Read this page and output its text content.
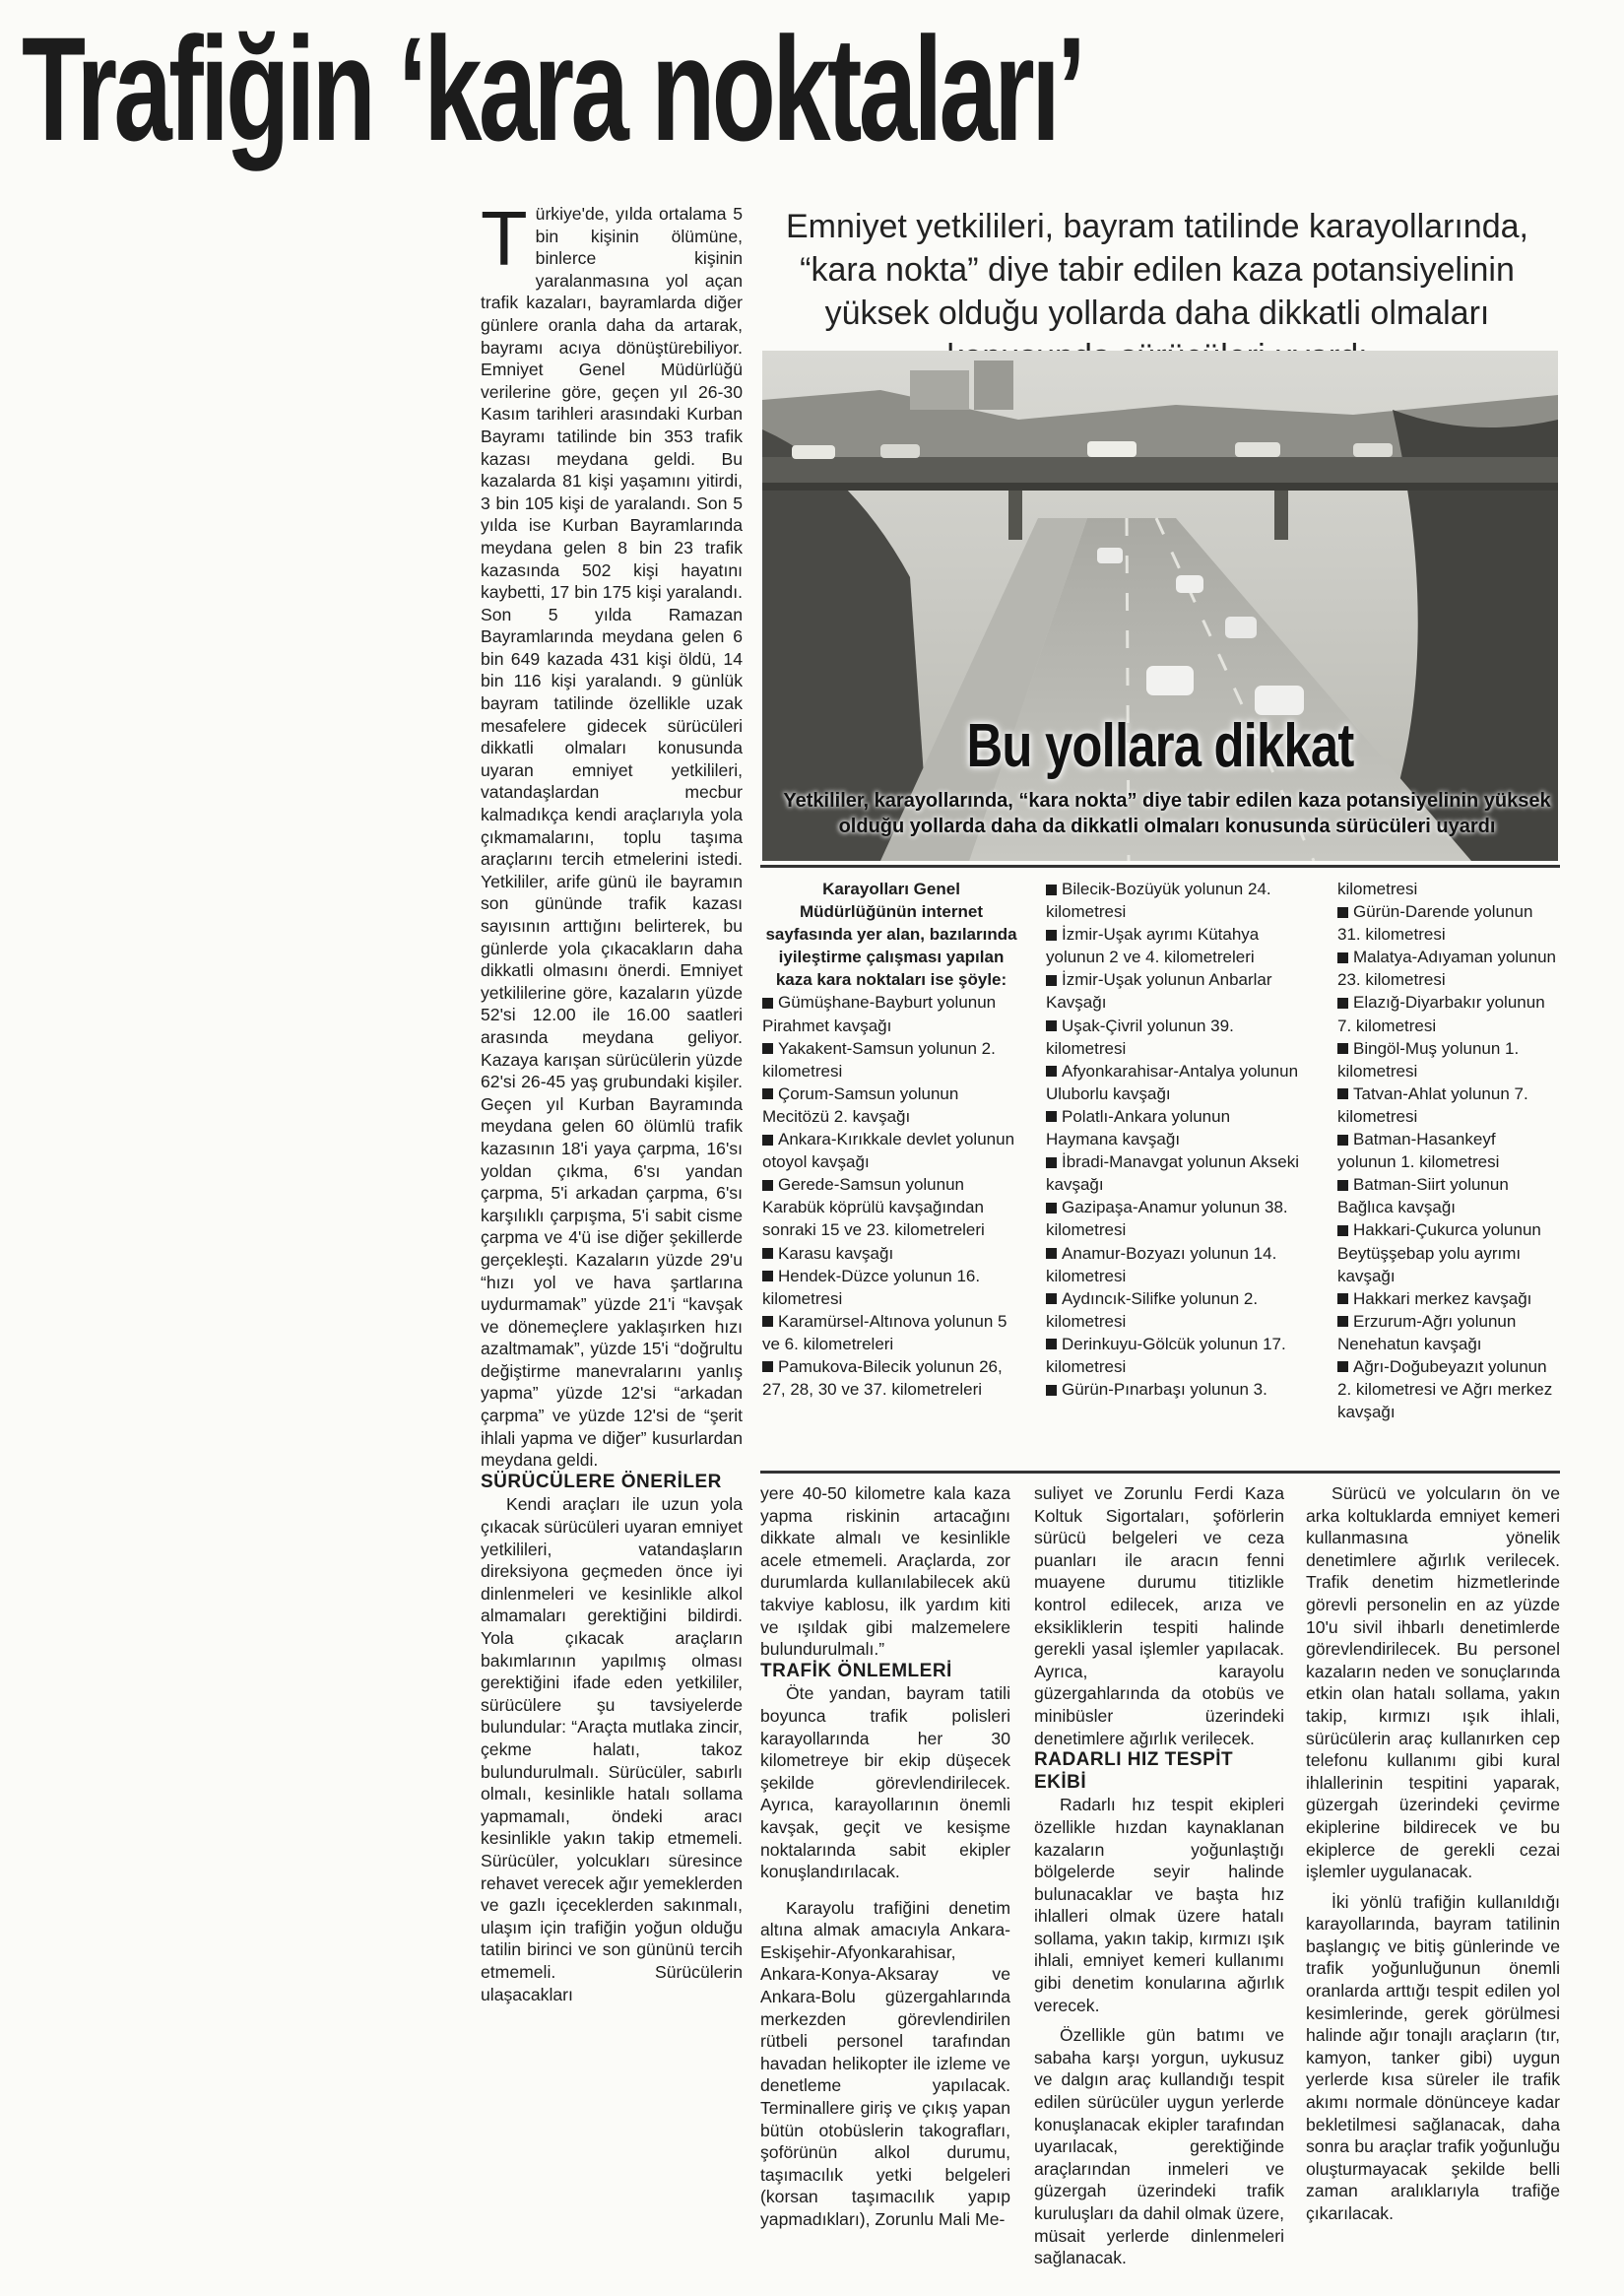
Trafiğin ‘kara noktaları’

Türkiye'de, yılda ortalama 5 bin kişinin ölümüne, binlerce kişinin yaralanmasına yol açan trafik kazaları, bayramlarda diğer günlere oranla daha da artarak, bayramı acıya dönüştürebiliyor. Emniyet Genel Müdürlüğü verilerine göre, geçen yıl 26-30 Kasım tarihleri arasındaki Kurban Bayramı tatilinde bin 353 trafik kazası meydana geldi. Bu kazalarda 81 kişi yaşamını yitirdi, 3 bin 105 kişi de yaralandı. Son 5 yılda ise Kurban Bayramlarında meydana gelen 8 bin 23 trafik kazasında 502 kişi hayatını kaybetti, 17 bin 175 kişi yaralandı. Son 5 yılda Ramazan Bayramlarında meydana gelen 6 bin 649 kazada 431 kişi öldü, 14 bin 116 kişi yaralandı. 9 günlük bayram tatilinde özellikle uzak mesafelere gidecek sürücüleri dikkatli olmaları konusunda uyaran emniyet yetkilileri, vatandaşlardan mecbur kalmadıkça kendi araçlarıyla yola çıkmamalarını, toplu taşıma araçlarını tercih etmelerini istedi. Yetkililer, arife günü ile bayramın son gününde trafik kazası sayısının arttığını belirterek, bu günlerde yola çıkacakların daha dikkatli olmasını önerdi. Emniyet yetkililerine göre, kazaların yüzde 52'si 12.00 ile 16.00 saatleri arasında meydana geliyor. Kazaya karışan sürücülerin yüzde 62'si 26-45 yaş grubundaki kişiler. Geçen yıl Kurban Bayramında meydana gelen 60 ölümlü trafik kazasının 18'i yaya çarpma, 16'sı yoldan çıkma, 6'sı yandan çarpma, 5'i arkadan çarpma, 6'sı karşılıklı çarpışma, 5'i sabit cisme çarpma ve 4'ü ise diğer şekillerde gerçekleşti. Kazaların yüzde 29'u “hızı yol ve hava şartlarına uydurmamak” yüzde 21'i “kavşak ve dönemeçlere yaklaşırken hızı azaltmamak”, yüzde 15'i “doğrultu değiştirme manevralarını yanlış yapma” yüzde 12'si “arkadan çarpma” ve yüzde 12'si de “şerit ihlali yapma ve diğer” kusurlardan meydana geldi.

SÜRÜCÜLERE ÖNERİLER

Kendi araçları ile uzun yola çıkacak sürücüleri uyaran emniyet yetkilileri, vatandaşların direksiyona geçmeden önce iyi dinlenmeleri ve kesinlikle alkol almamaları gerektiğini bildirdi. Yola çıkacak araçların bakımlarının yapılmış olması gerektiğini ifade eden yetkililer, sürücülere şu tavsiyelerde bulundular: “Araçta mutlaka zincir, çekme halatı, takoz bulundurulmalı. Sürücüler, sabırlı olmalı, kesinlikle hatalı sollama yapmamalı, öndeki aracı kesinlikle yakın takip etmemeli. Sürücüler, yolcukları süresince rehavet verecek ağır yemeklerden ve gazlı içeceklerden sakınmalı, ulaşım için trafiğin yoğun olduğu tatilin birinci ve son gününü tercih etmemeli. Sürücülerin ulaşacakları

Emniyet yetkilileri, bayram tatilinde karayollarında, “kara nokta” diye tabir edilen kaza potansiyelinin yüksek olduğu yollarda daha dikkatli olmaları

Bu yollara dikkat

Yetkililer, karayollarında, “kara nokta” diye tabir edilen kaza potansiyelinin yüksek olduğu yollarda daha da dikkatli olmaları konusunda sürücüleri uyardı

Karayolları Genel Müdürlüğünün internet sayfasında yer alan, bazılarında iyileştirme çalışması yapılan kaza kara noktaları ise şöyle:

Gümüşhane-Bayburt yolunun Pirahmet kavşağı

Yakakent-Samsun yolunun 2. kilometresi

Çorum-Samsun yolunun Mecitözü 2. kavşağı

Ankara-Kırıkkale devlet yolunun otoyol kavşağı

Gerede-Samsun yolunun Karabük köprülü kavşağından sonraki 15 ve 23. kilometreleri

Karasu kavşağı

Hendek-Düzce yolunun 16. kilometresi

Karamürsel-Altınova yolunun 5 ve 6. kilometreleri

Pamukova-Bilecik yolunun 26, 27, 28, 30 ve 37. kilometreleri

Bilecik-Bozüyük yolunun 24. kilometresi

İzmir-Uşak ayrımı Kütahya yolunun 2 ve 4. kilometreleri

İzmir-Uşak yolunun Anbarlar Kavşağı

Uşak-Çivril yolunun 39. kilometresi

Afyonkarahisar-Antalya yolunun Uluborlu kavşağı

Polatlı-Ankara yolunun Haymana kavşağı

İbradi-Manavgat yolunun Akseki kavşağı

Gazipaşa-Anamur yolunun 38. kilometresi

Anamur-Bozyazı yolunun 14. kilometresi

Aydıncık-Silifke yolunun 2. kilometresi

Derinkuyu-Gölcük yolunun 17. kilometresi

Gürün-Pınarbaşı yolunun 3.

kilometresi

Gürün-Darende yolunun 31. kilometresi

Malatya-Adıyaman yolunun 23. kilometresi

Elazığ-Diyarbakır yolunun 7. kilometresi

Bingöl-Muş yolunun 1. kilometresi

Tatvan-Ahlat yolunun 7. kilometresi

Batman-Hasankeyf yolunun 1. kilometresi

Batman-Siirt yolunun Bağlıca kavşağı

Hakkari-Çukurca yolunun Beytüşşebap yolu ayrımı kavşağı

Hakkari merkez kavşağı

Erzurum-Ağrı yolunun Nenehatun kavşağı

Ağrı-Doğubeyazıt yolunun 2. kilometresi ve Ağrı merkez kavşağı

yere 40-50 kilometre kala kaza yapma riskinin artacağını dikkate almalı ve kesinlikle acele etmemeli. Araçlarda, zor durumlarda kullanılabilecek akü takviye kablosu, ilk yardım kiti ve ışıldak gibi malzemelere bulundurulmalı.”

TRAFİK ÖNLEMLERİ

Öte yandan, bayram tatili boyunca trafik polisleri karayollarında her 30 kilometreye bir ekip düşecek şekilde görevlendirilecek. Ayrıca, karayollarının önemli kavşak, geçit ve kesişme noktalarında sabit ekipler konuşlandırılacak.

Karayolu trafiğini denetim altına almak amacıyla Ankara-Eskişehir-Afyonkarahisar, Ankara-Konya-Aksaray ve Ankara-Bolu güzergahlarında merkezden görevlendirilen rütbeli personel tarafından havadan helikopter ile izleme ve denetleme yapılacak. Terminallere giriş ve çıkış yapan bütün otobüslerin takografları, şoförünün alkol durumu, taşımacılık yetki belgeleri (korsan taşımacılık yapıp yapmadıkları), Zorunlu Mali Me-

suliyet ve Zorunlu Ferdi Kaza Koltuk Sigortaları, şoförlerin sürücü belgeleri ve ceza puanları ile aracın fenni muayene durumu titizlikle kontrol edilecek, arıza ve eksikliklerin tespiti halinde gerekli yasal işlemler yapılacak. Ayrıca, karayolu güzergahlarında da otobüs ve minibüsler üzerindeki denetimlere ağırlık verilecek.

RADARLI HIZ TESPİT EKİBİ

Radarlı hız tespit ekipleri özellikle hızdan kaynaklanan kazaların yoğunlaştığı bölgelerde seyir halinde bulunacaklar ve başta hız ihlalleri olmak üzere hatalı sollama, yakın takip, kırmızı ışık ihlali, emniyet kemeri kullanımı gibi denetim konularına ağırlık verecek.

Özellikle gün batımı ve sabaha karşı yorgun, uykusuz ve dalgın araç kullandığı tespit edilen sürücüler uygun yerlerde konuşlanacak ekipler tarafından uyarılacak, gerektiğinde araçlarından inmeleri ve güzergah üzerindeki trafik kuruluşları da dahil olmak üzere, müsait yerlerde dinlenmeleri sağlanacak.

Sürücü ve yolcuların ön ve arka koltuklarda emniyet kemeri kullanmasına yönelik denetimlere ağırlık verilecek. Trafik denetim hizmetlerinde görevli personelin en az yüzde 10'u sivil ihbarlı denetimlerde görevlendirilecek. Bu personel kazaların neden ve sonuçlarında etkin olan hatalı sollama, yakın takip, kırmızı ışık ihlali, sürücülerin araç kullanırken cep telefonu kullanımı gibi kural ihlallerinin tespitini yaparak, güzergah üzerindeki çevirme ekiplerine bildirecek ve bu ekiplerce de gerekli cezai işlemler uygulanacak.

İki yönlü trafiğin kullanıldığı karayollarında, bayram tatilinin başlangıç ve bitiş günlerinde ve trafik yoğunluğunun önemli oranlarda arttığı tespit edilen yol kesimlerinde, gerek görülmesi halinde ağır tonajlı araçların (tır, kamyon, tanker gibi) uygun yerlerde kısa süreler ile trafik akımı normale dönünceye kadar bekletilmesi sağlanacak, daha sonra bu araçlar trafik yoğunluğu oluşturmayacak şekilde belli zaman aralıklarıyla trafiğe çıkarılacak.
